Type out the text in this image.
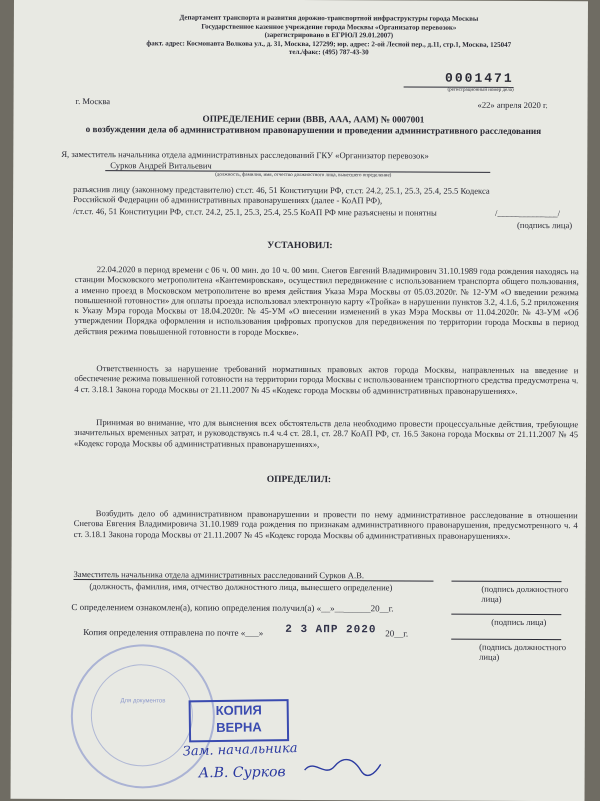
Департамент транспорта и развития дорожно-транспортной инфраструктуры города Москвы
Государственное казенное учреждение города Москвы «Организатор перевозок»
(зарегистрировано в ЕГРЮЛ 29.01.2007)
факт. адрес: Космонавта Волкова ул., д. 31, Москва, 127299; юр. адрес: 2-ой Лесной пер., д.11, стр.1, Москва, 125047
тел./факс: (495) 787-43-30
0001471
(регистрационный номер дела)
г. Москва	«22» апреля 2020 г.
ОПРЕДЕЛЕНИЕ серии (ВВВ, ААА, ААМ) № 0007001
о возбуждении дела об административном правонарушении и проведении административного расследования
Я, заместитель начальника отдела административных расследований ГКУ «Организатор перевозок»
Сурков Андрей Витальевич
(должность, фамилия, имя, отчество должностного лица, вынесшего определение)
разъяснив лицу (законному представителю) ст.ст. 46, 51 Конституции РФ, ст.ст. 24.2, 25.1, 25.3, 25.4, 25.5 Кодекса
Российской Федерации об административных правонарушениях (далее - КоАП РФ),
/ст.ст. 46, 51 Конституции РФ, ст.ст. 24.2, 25.1, 25.3, 25.4, 25.5 КоАП РФ мне разъяснены и понятны	/______________/
(подпись лица)
УСТАНОВИЛ:
22.04.2020 в период времени с 06 ч. 00 мин. до 10 ч. 00 мин. Снегов Евгений Владимирович 31.10.1989 года рождения находясь на станции Московского метрополитена «Кантемировская», осуществил передвижение с использованием транспорта общего пользования, а именно проезд в Московском метрополитене во время действия Указа Мэра Москвы от 05.03.2020г. № 12-УМ «О введении режима повышенной готовности» для оплаты проезда использовал электронную карту «Тройка» в нарушении пунктов 3.2, 4.1.6, 5.2 приложения к Указу Мэра города Москвы от 18.04.2020г. № 45-УМ «О внесении изменений в указ Мэра Москвы от 11.04.2020г. № 43-УМ «Об утверждении Порядка оформления и использования цифровых пропусков для передвижения по территории города Москвы в период действия режима повышенной готовности в городе Москве».
Ответственность за нарушение требований нормативных правовых актов города Москвы, направленных на введение и обеспечение режима повышенной готовности на территории города Москвы с использованием транспортного средства предусмотрена ч. 4 ст. 3.18.1 Закона города Москвы от 21.11.2007 № 45 «Кодекс города Москвы об административных правонарушениях».
Принимая во внимание, что для выяснения всех обстоятельств дела необходимо провести процессуальные действия, требующие значительных временных затрат, и руководствуясь п.4 ч.4 ст. 28.1, ст. 28.7 КоАП РФ, ст. 16.5 Закона города Москвы от 21.11.2007 № 45 «Кодекс города Москвы об административных правонарушениях»,
ОПРЕДЕЛИЛ:
Возбудить дело об административном правонарушении и провести по нему административное расследование в отношении Снегова Евгения Владимировича 31.10.1989 года рождения по признакам административного правонарушения, предусмотренного ч. 4 ст. 3.18.1 Закона города Москвы от 21.11.2007 № 45 «Кодекс города Москвы об административных правонарушениях».
Заместитель начальника отдела административных расследований Сурков А.В.
(должность, фамилия, имя, отчество должностного лица, вынесшего определение)	(подпись должностного лица)
С определением ознакомлен(а), копию определения получил(а) «__»________20__г.
(подпись лица)
Копия определения отправлена по почте «___» 2 3 АПР 2020 20__г.
(подпись должностного лица)
Для документов
КОПИЯ
ВЕРНА
Зам. начальника
А.В. Сурков
